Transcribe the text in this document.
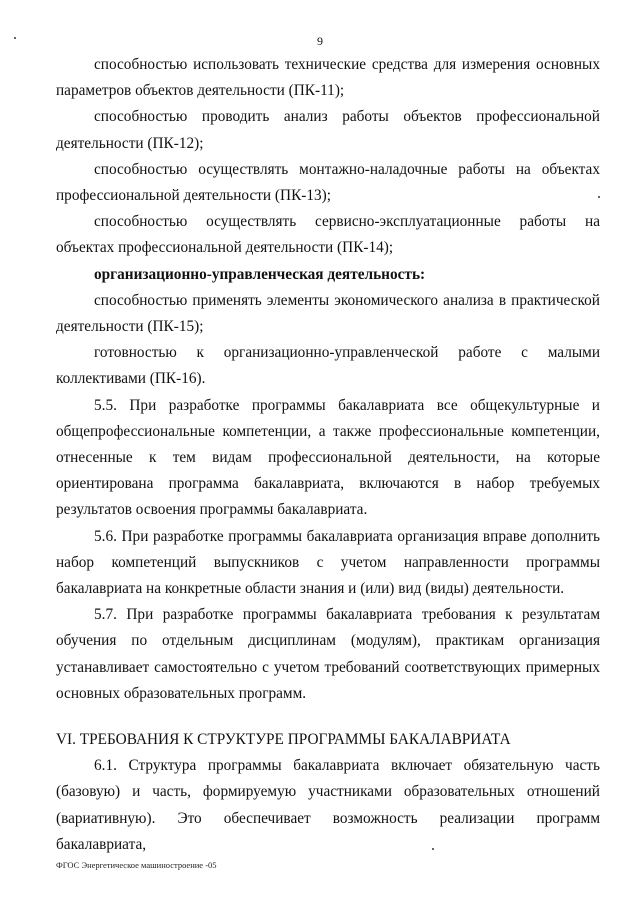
9

способностью использовать технические средства для измерения основных параметров объектов деятельности (ПК-11);

способностью проводить анализ работы объектов профессиональной деятельности (ПК-12);

способностью осуществлять монтажно-наладочные работы на объектах профессиональной деятельности (ПК-13);

способностью осуществлять сервисно-эксплуатационные работы на объектах профессиональной деятельности (ПК-14);

организационно-управленческая деятельность:

способностью применять элементы экономического анализа в практической деятельности (ПК-15);

готовностью к организационно-управленческой работе с малыми коллективами (ПК-16).

5.5. При разработке программы бакалавриата все общекультурные и общепрофессиональные компетенции, а также профессиональные компетенции, отнесенные к тем видам профессиональной деятельности, на которые ориентирована программа бакалавриата, включаются в набор требуемых результатов освоения программы бакалавриата.

5.6. При разработке программы бакалавриата организация вправе дополнить набор компетенций выпускников с учетом направленности программы бакалавриата на конкретные области знания и (или) вид (виды) деятельности.

5.7. При разработке программы бакалавриата требования к результатам обучения по отдельным дисциплинам (модулям), практикам организация устанавливает самостоятельно с учетом требований соответствующих примерных основных образовательных программ.

VI. ТРЕБОВАНИЯ К СТРУКТУРЕ ПРОГРАММЫ БАКАЛАВРИАТА

6.1. Структура программы бакалавриата включает обязательную часть (базовую) и часть, формируемую участниками образовательных отношений (вариативную). Это обеспечивает возможность реализации программ бакалавриата,

ФГОС Энергетическое машиностроение -05
